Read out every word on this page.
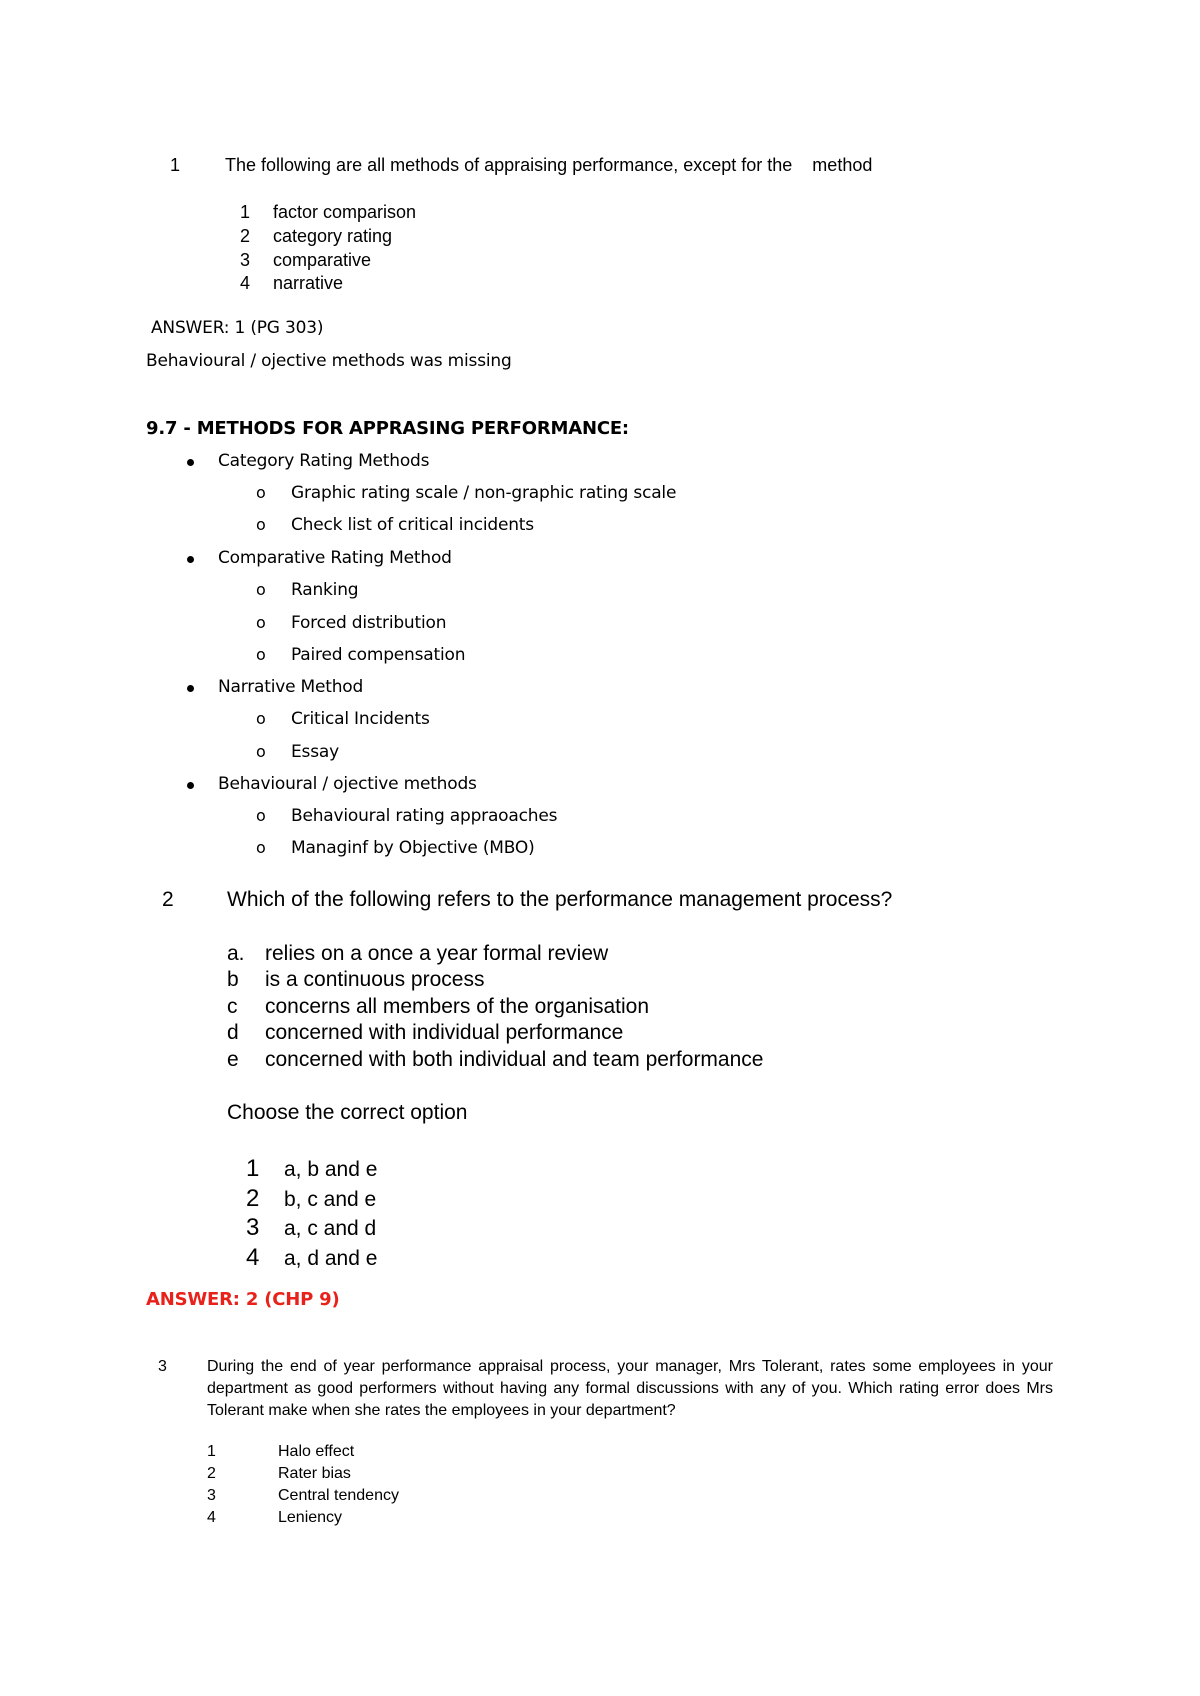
1 The following are all methods of appraising performance, except for the    method
1 factor comparison
2 category rating
3 comparative
4 narrative
ANSWER: 1 (PG 303)
Behavioural / ojective methods was missing
9.7 - METHODS FOR APPRASING PERFORMANCE:
Category Rating Methods
o Graphic rating scale / non-graphic rating scale
o Check list of critical incidents
Comparative Rating Method
o Ranking
o Forced distribution
o Paired compensation
Narrative Method
o Critical Incidents
o Essay
Behavioural / ojective methods
o Behavioural rating appraoaches
o Managinf by Objective (MBO)
2	Which of the following refers to the performance management process?
a. relies on a once a year formal review
b is a continuous process
c concerns all members of the organisation
d concerned with individual performance
e concerned with both individual and team performance
Choose the correct option
1 a, b and e
2 b, c and e
3 a, c and d
4 a, d and e
ANSWER: 2 (CHP 9)
3	During the end of year performance appraisal process, your manager, Mrs Tolerant, rates some employees in your department as good performers without having any formal discussions with any of you. Which rating error does Mrs Tolerant make when she rates the employees in your department?
1	Halo effect
2	Rater bias
3	Central tendency
4	Leniency
